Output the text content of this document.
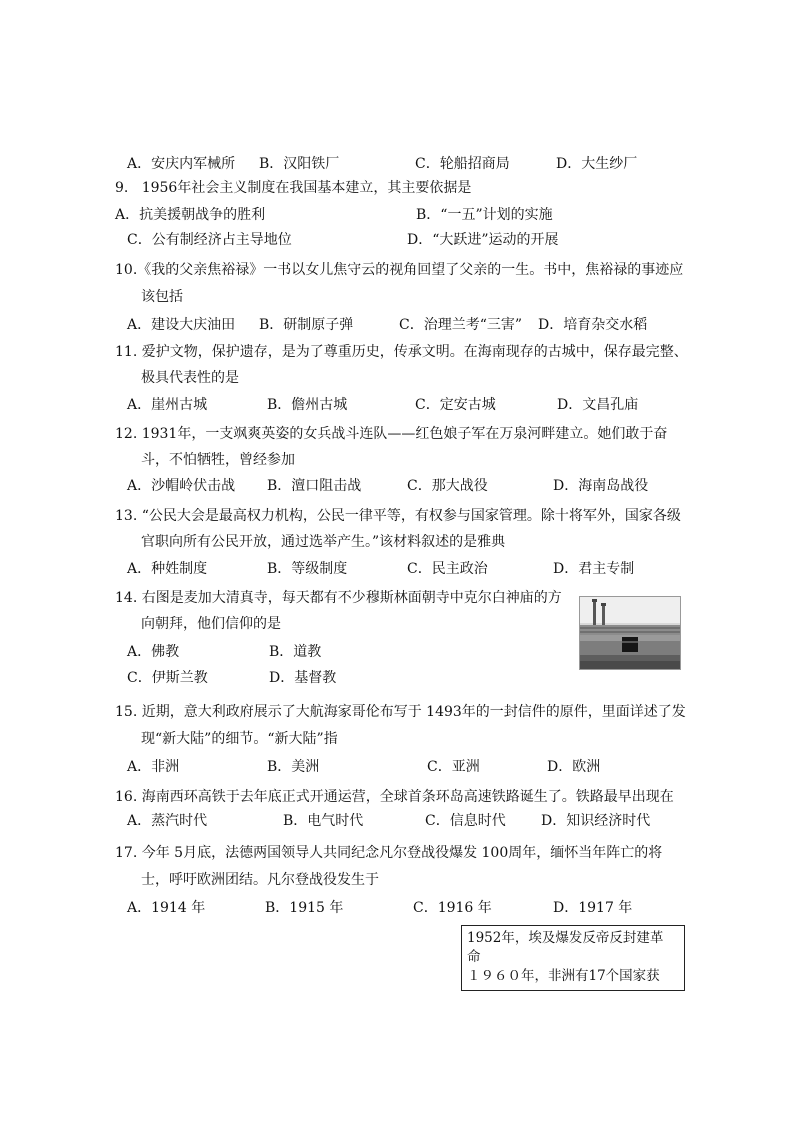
A．安庆内军械所 B．汉阳铁厂	C．轮船招商局	D．大生纱厂
9.   1956年社会主义制度在我国基本建立，其主要依据是
A．抗美援朝战争的胜利	B．“一五”计划的实施
C．公有制经济占主导地位	D．“大跃进”运动的开展
10.《我的父亲焦裕禄》一书以女儿焦守云的视角回望了父亲的一生。书中，焦裕禄的事迹应
该包括
A．建设大庆油田 B．研制原子弹	C．治理兰考“三害” D．培育杂交水稻
11. 爱护文物，保护遗存，是为了尊重历史，传承文明。在海南现存的古城中，保存最完整、
极具代表性的是
A．崖州古城	B．儋州古城	C．定安古城	D．文昌孔庙
12. 1931年，一支飒爽英姿的女兵战斗连队——红色娘子军在万泉河畔建立。她们敢于奋
斗，不怕牺牲，曾经参加
A．沙帽岭伏击战 B．澶口阻击战	C．那大战役	D．海南岛战役
13. “公民大会是最高权力机构，公民一律平等，有权参与国家管理。除十将军外，国家各级
官职向所有公民开放，通过选举产生。”该材料叙述的是雅典
A．种姓制度	B．等级制度	C．民主政治	D．君主专制
14. 右图是麦加大清真寺，每天都有不少穆斯林面朝寺中克尔白神庙的方
向朝拜，他们信仰的是
A．佛教	B．道教
C．伊斯兰教	D．基督教
15. 近期，意大利政府展示了大航海家哥伦布写于 1493年的一封信件的原件，里面详述了发
现“新大陆”的细节。“新大陆”指
A．非洲	B．美洲	C．亚洲	D．欧洲
16. 海南西环高铁于去年底正式开通运营，全球首条环岛高速铁路诞生了。铁路最早出现在
A．蒸汽时代	B．电气时代	C．信息时代	D．知识经济时代
17. 今年 5月底，法德两国领导人共同纪念凡尔登战役爆发 100周年，缅怀当年阵亡的将
士，呼吁欧洲团结。凡尔登战役发生于
A．1914 年	B．1915 年	C．1916 年	D．1917 年
1952年，埃及爆发反帝反封建革
命
１９６０年，非洲有17个国家获
